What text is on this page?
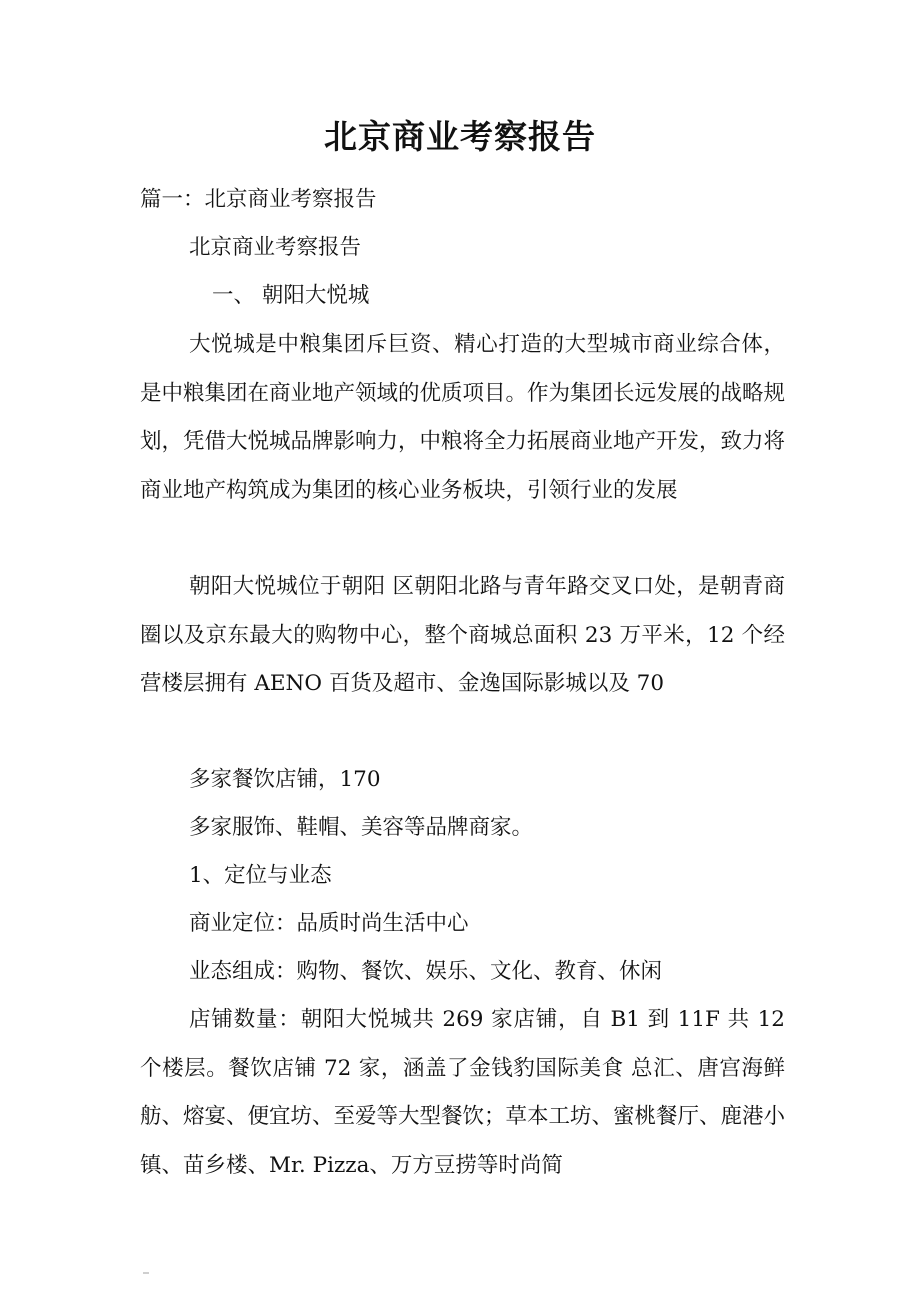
北京商业考察报告

篇一：北京商业考察报告

北京商业考察报告

一、 朝阳大悦城

大悦城是中粮集团斥巨资、精心打造的大型城市商业综合体，是中粮集团在商业地产领域的优质项目。作为集团长远发展的战略规划，凭借大悦城品牌影响力，中粮将全力拓展商业地产开发，致力将商业地产构筑成为集团的核心业务板块，引领行业的发展

朝阳大悦城位于朝阳 区朝阳北路与青年路交叉口处，是朝青商圈以及京东最大的购物中心，整个商城总面积 23 万平米，12 个经营楼层拥有 AENO 百货及超市、金逸国际影城以及 70

多家餐饮店铺，170

多家服饰、鞋帽、美容等品牌商家。

1、定位与业态

商业定位：品质时尚生活中心

业态组成：购物、餐饮、娱乐、文化、教育、休闲

店铺数量：朝阳大悦城共 269 家店铺，自 B1 到 11F 共 12 个楼层。餐饮店铺 72 家，涵盖了金钱豹国际美食 总汇、唐宫海鲜舫、熔宴、便宜坊、至爱等大型餐饮；草本工坊、蜜桃餐厅、鹿港小镇、苗乡楼、Mr. Pizza、万方豆捞等时尚简
